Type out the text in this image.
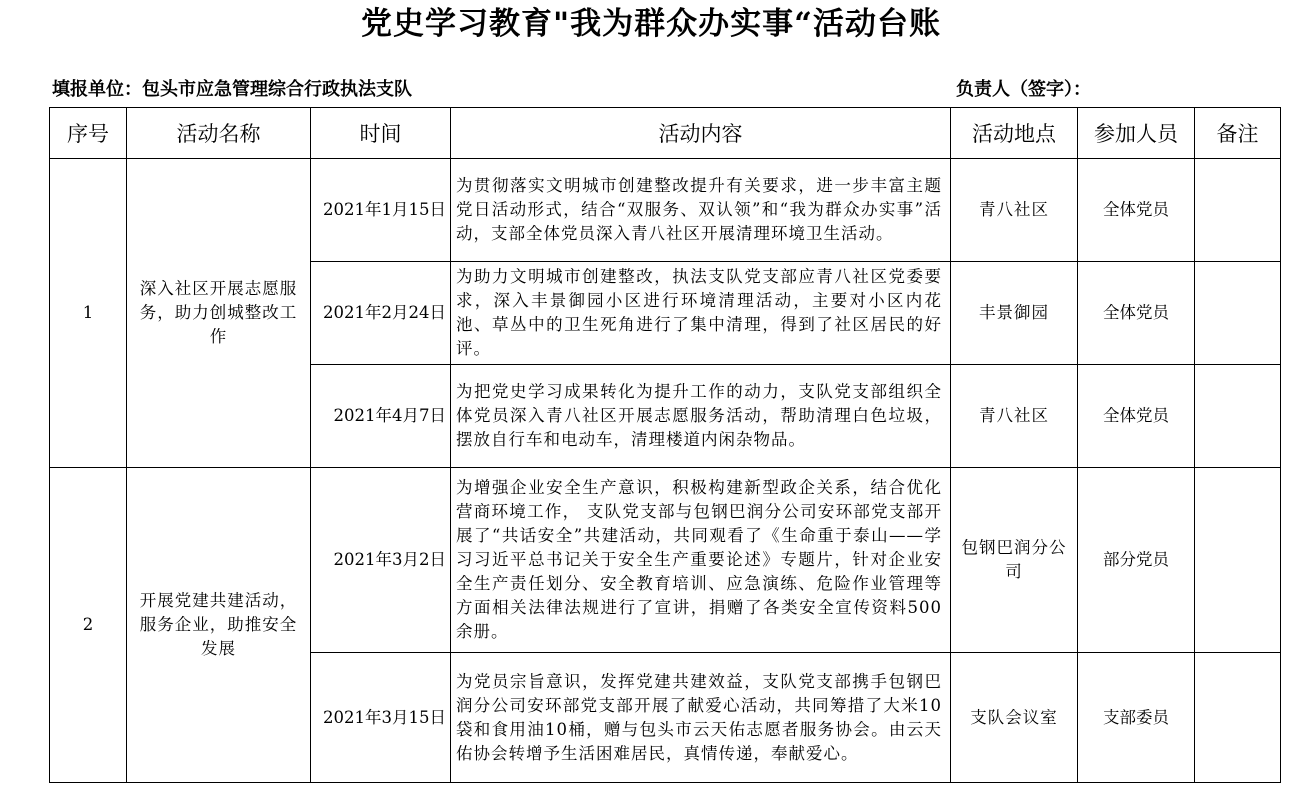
党史学习教育"我为群众办实事“活动台账
填报单位：包头市应急管理综合行政执法支队	负责人（签字）：
序号	活动名称	时间	活动内容	活动地点	参加人员	备注
1	深入社区开展志愿服务，助力创城整改工作	2021年1月15日	为贯彻落实文明城市创建整改提升有关要求，进一步丰富主题党日活动形式，结合“双服务、双认领”和“我为群众办实事”活动，支部全体党员深入青八社区开展清理环境卫生活动。	青八社区	全体党员	
		2021年2月24日	为助力文明城市创建整改，执法支队党支部应青八社区党委要求，深入丰景御园小区进行环境清理活动，主要对小区内花池、草丛中的卫生死角进行了集中清理，得到了社区居民的好评。	丰景御园	全体党员	
		2021年4月7日	为把党史学习成果转化为提升工作的动力，支队党支部组织全体党员深入青八社区开展志愿服务活动，帮助清理白色垃圾，摆放自行车和电动车，清理楼道内闲杂物品。	青八社区	全体党员	
2	开展党建共建活动，服务企业，助推安全发展	2021年3月2日	为增强企业安全生产意识，积极构建新型政企关系，结合优化营商环境工作， 支队党支部与包钢巴润分公司安环部党支部开展了“共话安全”共建活动，共同观看了《生命重于泰山——学习习近平总书记关于安全生产重要论述》专题片，针对企业安全生产责任划分、安全教育培训、应急演练、危险作业管理等方面相关法律法规进行了宣讲，捐赠了各类安全宣传资料500余册。	包钢巴润分公司	部分党员	
		2021年3月15日	为党员宗旨意识，发挥党建共建效益，支队党支部携手包钢巴润分公司安环部党支部开展了献爱心活动，共同筹措了大米10袋和食用油10桶，赠与包头市云天佑志愿者服务协会。由云天佑协会转增予生活困难居民，真情传递，奉献爱心。	支队会议室	支部委员	
